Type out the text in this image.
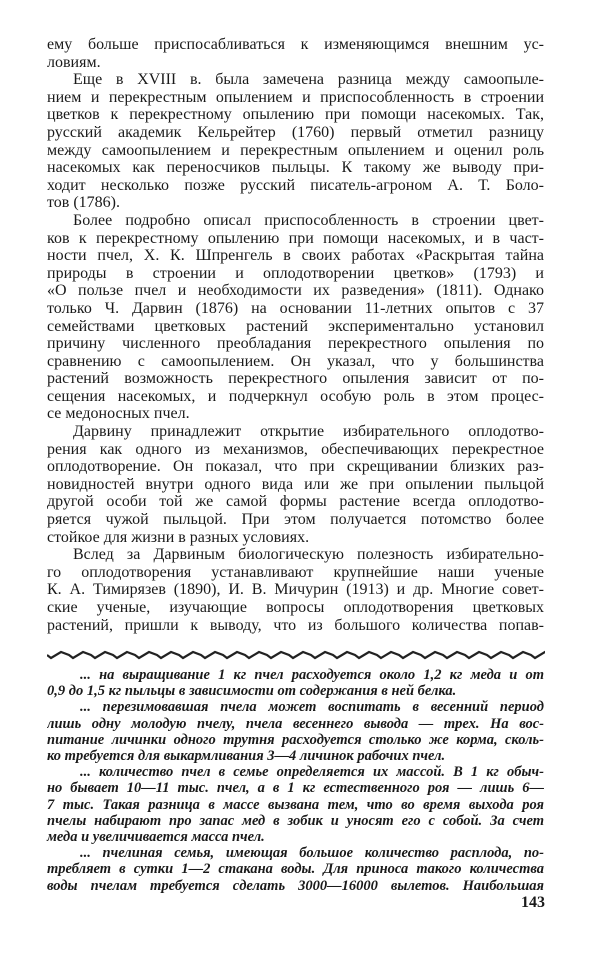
ему больше приспосабливаться к изменяющимся внешним ус-
ловиям.
Еще в XVIII в. была замечена разница между самоопыле-
нием и перекрестным опылением и приспособленность в строении
цветков к перекрестному опылению при помощи насекомых. Так,
русский академик Кельрейтер (1760) первый отметил разницу
между самоопылением и перекрестным опылением и оценил роль
насекомых как переносчиков пыльцы. К такому же выводу при-
ходит несколько позже русский писатель-агроном А. Т. Боло-
тов (1786).
Более подробно описал приспособленность в строении цвет-
ков к перекрестному опылению при помощи насекомых, и в част-
ности пчел, Х. К. Шпренгель в своих работах «Раскрытая тайна
природы в строении и оплодотворении цветков» (1793) и
«О пользе пчел и необходимости их разведения» (1811). Однако
только Ч. Дарвин (1876) на основании 11-летних опытов с 37
семействами цветковых растений экспериментально установил
причину численного преобладания перекрестного опыления по
сравнению с самоопылением. Он указал, что у большинства
растений возможность перекрестного опыления зависит от по-
сещения насекомых, и подчеркнул особую роль в этом процес-
се медоносных пчел.
Дарвину принадлежит открытие избирательного оплодотво-
рения как одного из механизмов, обеспечивающих перекрестное
оплодотворение. Он показал, что при скрещивании близких раз-
новидностей внутри одного вида или же при опылении пыльцой
другой особи той же самой формы растение всегда оплодотво-
ряется чужой пыльцой. При этом получается потомство более
стойкое для жизни в разных условиях.
Вслед за Дарвиным биологическую полезность избирательно-
го оплодотворения устанавливают крупнейшие наши ученые
К. А. Тимирязев (1890), И. В. Мичурин (1913) и др. Многие совет-
ские ученые, изучающие вопросы оплодотворения цветковых
растений, пришли к выводу, что из большого количества попав-
... на выращивание 1 кг пчел расходуется около 1,2 кг меда и от
0,9 до 1,5 кг пыльцы в зависимости от содержания в ней белка.
... перезимовавшая пчела может воспитать в весенний период
лишь одну молодую пчелу, пчела весеннего вывода — трех. На вос-
питание личинки одного трутня расходуется столько же корма, сколь-
ко требуется для выкармливания 3—4 личинок рабочих пчел.
... количество пчел в семье определяется их массой. В 1 кг обыч-
но бывает 10—11 тыс. пчел, а в 1 кг естественного роя — лишь 6—
7 тыс. Такая разница в массе вызвана тем, что во время выхода роя
пчелы набирают про запас мед в зобик и уносят его с собой. За счет
меда и увеличивается масса пчел.
... пчелиная семья, имеющая большое количество расплода, по-
требляет в сутки 1—2 стакана воды. Для приноса такого количества
воды пчелам требуется сделать 3000—16000 вылетов. Наибольшая
143
